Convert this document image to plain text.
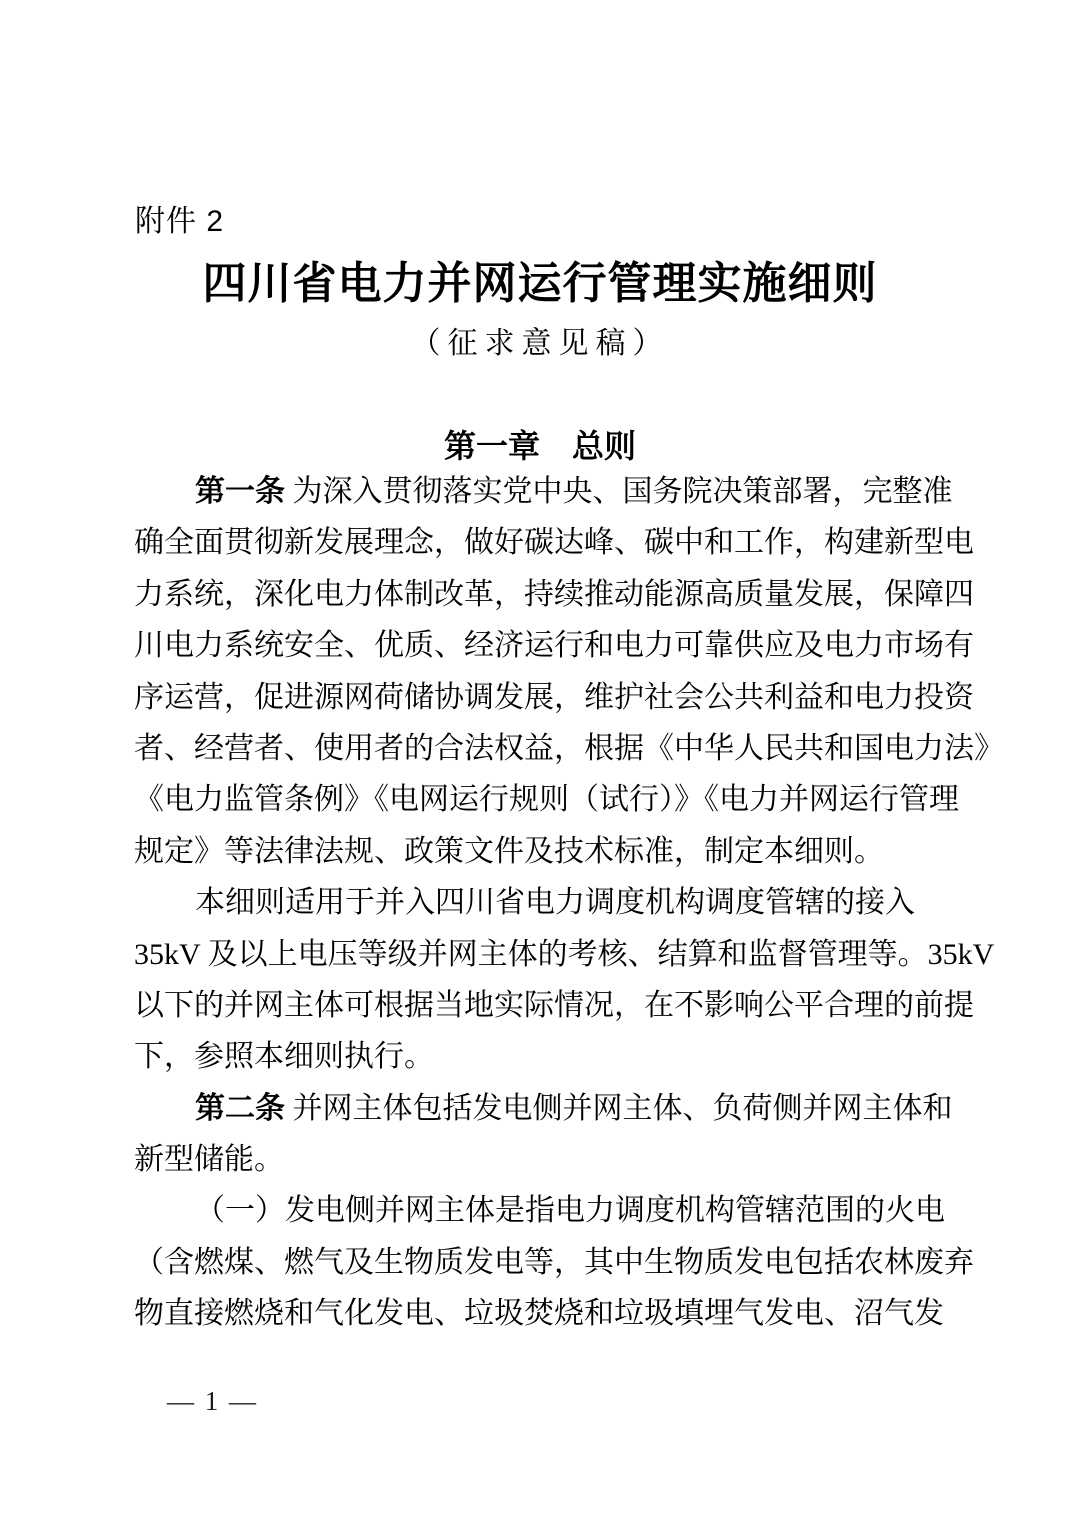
附件 2
四川省电力并网运行管理实施细则
（征求意见稿）
第一章　总则
第一条 为深入贯彻落实党中央、国务院决策部署，完整准
确全面贯彻新发展理念，做好碳达峰、碳中和工作，构建新型电
力系统，深化电力体制改革，持续推动能源高质量发展，保障四
川电力系统安全、优质、经济运行和电力可靠供应及电力市场有
序运营，促进源网荷储协调发展，维护社会公共利益和电力投资
者、经营者、使用者的合法权益，根据《中华人民共和国电力法》
《电力监管条例》《电网运行规则（试行）》《电力并网运行管理
规定》等法律法规、政策文件及技术标准，制定本细则。
本细则适用于并入四川省电力调度机构调度管辖的接入
35kV 及以上电压等级并网主体的考核、结算和监督管理等。35kV
以下的并网主体可根据当地实际情况，在不影响公平合理的前提
下，参照本细则执行。
第二条 并网主体包括发电侧并网主体、负荷侧并网主体和
新型储能。
（一）发电侧并网主体是指电力调度机构管辖范围的火电
（含燃煤、燃气及生物质发电等，其中生物质发电包括农林废弃
物直接燃烧和气化发电、垃圾焚烧和垃圾填埋气发电、沼气发
— 1 —
